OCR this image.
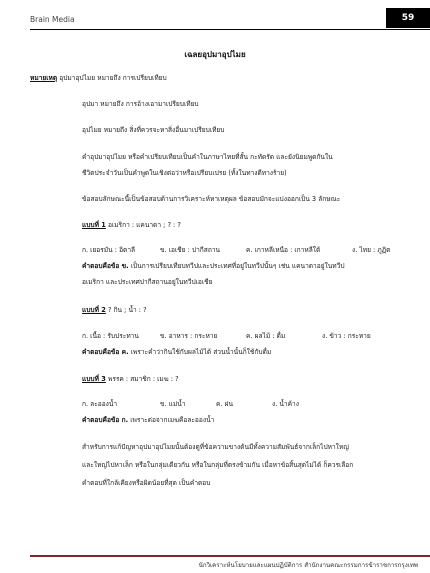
Brain Media	59
เฉลยอุปมาอุปไมย
หมายเหตุ อุปมาอุปไมย หมายถึง การเปรียบเทียบ
อุปมา หมายถึง การอ้างเอามาเปรียบเทียบ
อุปไมย หมายถึง สิ่งที่ควรจะหาสิ่งอื่นมาเปรียบเทียบ
คำอุปมาอุปไมย หรือคำเปรียบเทียบเป็นคำในภาษาไทยที่สั้น กะทัดรัด และยังนิยมพูดกันใน
ชีวิตประจำวันเป็นคำพูดในเชิงต่อว่าหรือเปรียบเปรย (ทั้งในทางดีทางร้าย)
ข้อสอบลักษณะนี้เป็นข้อสอบด้านการวิเคราะห์หาเหตุผล ข้อสอบมักจะแบ่งออกเป็น 3 ลักษณะ
แบบที่ 1 อเมริกา : แคนาดา ; ? : ?
ก. เยอรมัน : อิตาลี	ข. เอเชีย : ปากีสถาน	ค. เกาหลีเหนือ : เกาหลีใต้	ง. ไทย : ภูฏิต
คำตอบคือข้อ ข. เป็นการเปรียบเทียบทวีปและประเทศที่อยู่ในทวีปนั้นๆ เช่น แคนาดาอยู่ในทวีป
อเมริกา และประเทศปากีสถานอยู่ในทวีปเอเชีย
แบบที่ 2 ? กิน ; น้ำ : ?
ก. เนื้อ : รับประทาน	ข. อาหาร : กระหาย	ค. ผลไม้ : ดื่ม	ง. ข้าว : กระหาย
คำตอบคือข้อ ค. เพราะคำว่ากินใช้กับผลไม้ได้ ส่วนน้ำนั้นก็ใช้กับดื่ม
แบบที่ 3 พรรค : สมาชิก : เมฆ : ?
ก. ละอองน้ำ	ข. แม่น้ำ	ค. ฝน	ง. น้ำค้าง
คำตอบคือข้อ ก. เพราะต่อจากเมฆคือละอองน้ำ
สำหรับการแก้ปัญหาอุปมาอุปไมยนั้นต้องดูที่ข้อความขางต้นมีทั้งความสัมพันธ์จากเล็กไปหาใหญ่
และใหญ่ไปหาเล็ก หรือในกลุ่มเดียวกัน หรือในกลุ่มที่ตรงข้ามกัน เมื่อหาข้อสิ้นสุดไม่ได้ ก็ควรเลือก
คำตอบที่ใกล้เคียงหรือผิดน้อยที่สุด เป็นคำตอบ
นักวิเคราะห์นโยบายและแผนปฏิบัติการ สำนักงานคณะกรรมการข้าราชการกรุงเทพ
